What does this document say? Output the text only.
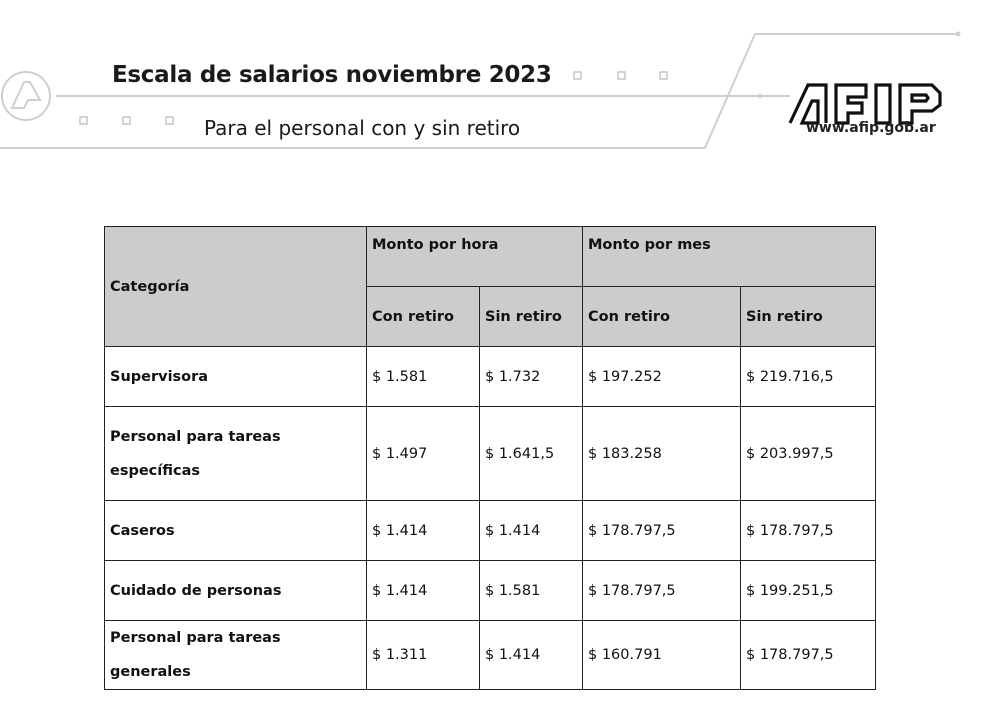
Escala de salarios noviembre 2023
Para el personal con y sin retiro	www.afip.gob.ar
Categoría	Monto por hora		Monto por mes	
	Con retiro	Sin retiro	Con retiro	Sin retiro
Supervisora	$ 1.581	$ 1.732	$ 197.252	$ 219.716,5
Personal para tareas específicas	$ 1.497	$ 1.641,5	$ 183.258	$ 203.997,5
Caseros	$ 1.414	$ 1.414	$ 178.797,5	$ 178.797,5
Cuidado de personas	$ 1.414	$ 1.581	$ 178.797,5	$ 199.251,5
Personal para tareas generales	$ 1.311	$ 1.414	$ 160.791	$ 178.797,5
